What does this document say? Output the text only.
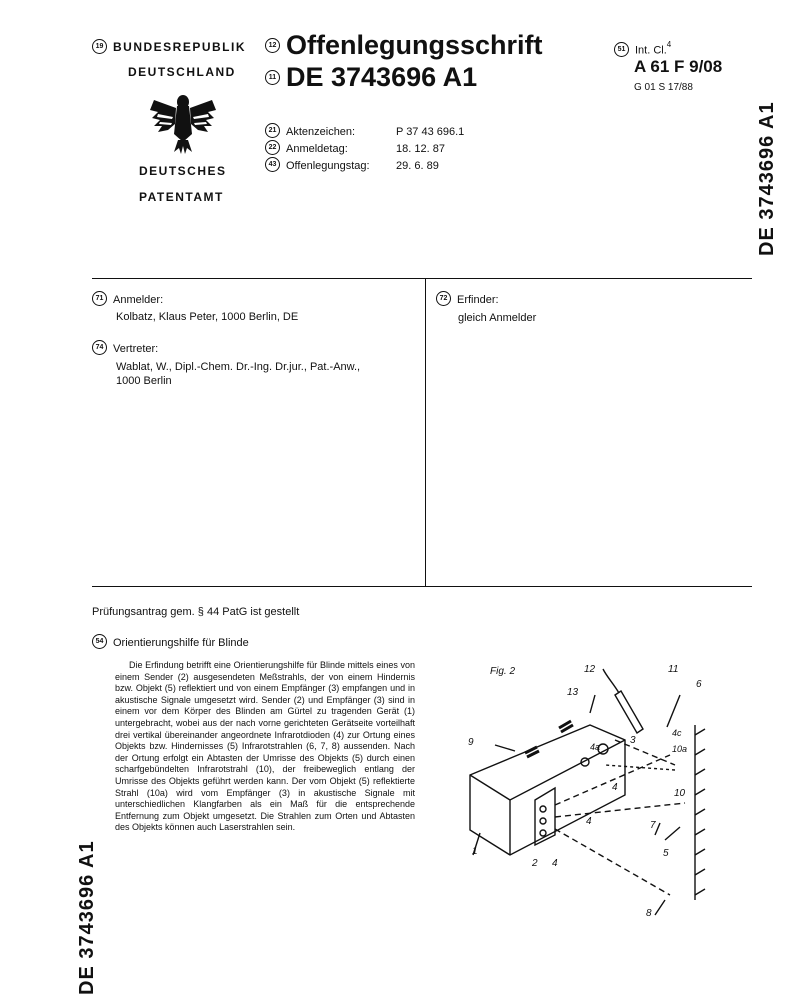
19 BUNDESREPUBLIK
DEUTSCHLAND
DEUTSCHES
PATENTAMT
12 Offenlegungsschrift
11 DE 3743696 A1
21 Aktenzeichen:	P 37 43 696.1
22 Anmeldetag:	18. 12. 87
43 Offenlegungstag: 29. 6. 89
51 Int. Cl.$^4$
A 61 F 9/08
G 01 S 17/88
DE 3743696 A1
DE 3743696 A1
71 Anmelder:
Kolbatz, Klaus Peter, 1000 Berlin, DE
74 Vertreter:
Wablat, W., Dipl.-Chem. Dr.-Ing. Dr.jur., Pat.-Anw.,
1000 Berlin
72 Erfinder:
gleich Anmelder
Prüfungsantrag gem. § 44 PatG ist gestellt
54 Orientierungshilfe für Blinde
Die Erfindung betrifft eine Orientierungshilfe für Blinde mittels eines von einem Sender (2) ausgesendeten Meßstrahls, der von einem Hindernis bzw. Objekt (5) reflektiert und von einem Empfänger (3) empfangen und in akustische Signale umgesetzt wird. Sender (2) und Empfänger (3) sind in einem vor dem Körper des Blinden am Gürtel zu tragenden Gerät (1) untergebracht, wobei aus der nach vorne gerichteten Gerätseite vorteilhaft drei vertikal übereinander angeordnete Infrarotdioden (4) zur Ortung eines Objekts bzw. Hindernisses (5) Infrarotstrahlen (6, 7, 8) aussenden. Nach der Ortung erfolgt ein Abtasten der Umrisse des Objekts (5) durch einen scharfgebündelten Infrarotstrahl (10), der freibeweglich entlang der Umrisse des Objekts geführt werden kann. Der vom Objekt (5) reflektierte Strahl (10a) wird vom Empfänger (3) in akustische Signale mit unterschiedlichen Klangfarben als ein Maß für die entsprechende Entfernung zum Objekt umgesetzt. Die Strahlen zum Orten und Abtasten des Objekts können auch Laserstrahlen sein.
Fig. 2	12	11
13
6
9	4a
3
4c
10a
4
10
7
4
1	5
2 4
8
